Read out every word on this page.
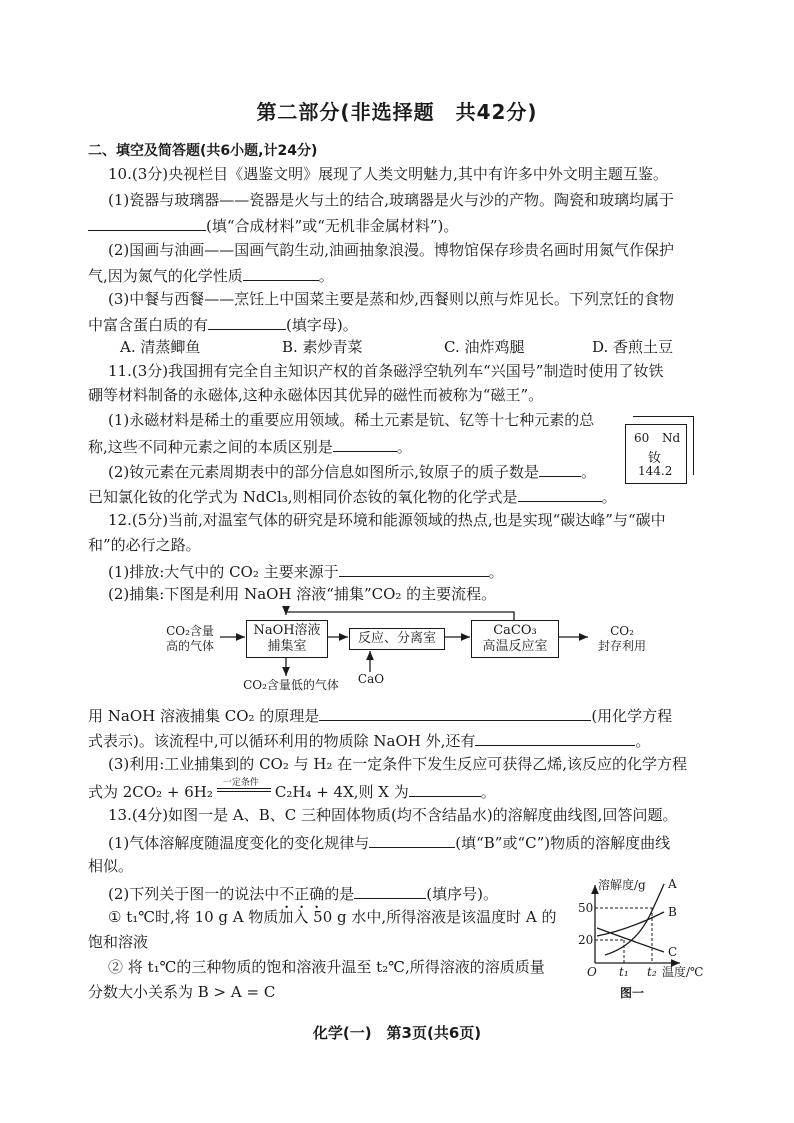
第二部分(非选择题　共42分)
二、填空及简答题(共6小题,计24分)
10.(3分)央视栏目《遇鉴文明》展现了人类文明魅力,其中有许多中外文明主题互鉴。
(1)瓷器与玻璃器——瓷器是火与土的结合,玻璃器是火与沙的产物。陶瓷和玻璃均属于
(填“合成材料”或“无机非金属材料”)。
(2)国画与油画——国画气韵生动,油画抽象浪漫。博物馆保存珍贵名画时用氮气作保护
气,因为氮气的化学性质	。
(3)中餐与西餐——烹饪上中国菜主要是蒸和炒,西餐则以煎与炸见长。下列烹饪的食物
中富含蛋白质的有	(填字母)。
A. 清蒸鲫鱼	B. 素炒青菜	C. 油炸鸡腿	D. 香煎土豆
11.(3分)我国拥有完全自主知识产权的首条磁浮空轨列车“兴国号”制造时使用了钕铁
硼等材料制备的永磁体,这种永磁体因其优异的磁性而被称为“磁王”。
(1)永磁材料是稀土的重要应用领域。稀土元素是钪、钇等十七种元素的总
称,这些不同种元素之间的本质区别是	。
(2)钕元素在元素周期表中的部分信息如图所示,钕原子的质子数是	。
已知氯化钕的化学式为 NdCl₃,则相同价态钕的氧化物的化学式是	。
60 Nd
钕
144.2
12.(5分)当前,对温室气体的研究是环境和能源领域的热点,也是实现“碳达峰”与“碳中
和”的必行之路。
(1)排放:大气中的 CO₂ 主要来源于	。
(2)捕集:下图是利用 NaOH 溶液“捕集”CO₂ 的主要流程。
CO₂含量
高的气体
NaOH溶液
捕集室
反应、分离室
CaCO₃
高温反应室
CO₂
封存利用
CO₂含量低的气体	CaO
用 NaOH 溶液捕集 CO₂ 的原理是	(用化学方程
式表示)。该流程中,可以循环利用的物质除 NaOH 外,还有	。
(3)利用:工业捕集到的 CO₂ 与 H₂ 在一定条件下发生反应可获得乙烯,该反应的化学方程
式为 2CO₂ + 6H₂ 一定条件 C₂H₄ + 4X,则 X 为	。
13.(4分)如图一是 A、B、C 三种固体物质(均不含结晶水)的溶解度曲线图,回答问题。
(1)气体溶解度随温度变化的变化规律与	(填“B”或“C”)物质的溶解度曲线
相似。
(2)下列关于图一的说法中不正确的是	(填序号)。
① t₁℃时,将 10 g A 物质加入 50 g 水中,所得溶液是该温度时 A 的
饱和溶液
② 将 t₁℃的三种物质的饱和溶液升温至 t₂℃,所得溶液的溶质质量
分数大小关系为 B > A = C
溶解度/g
温度/℃
O
50
20
t₁ t₂
A
B
C
图一
化学(一)　第3页(共6页)
